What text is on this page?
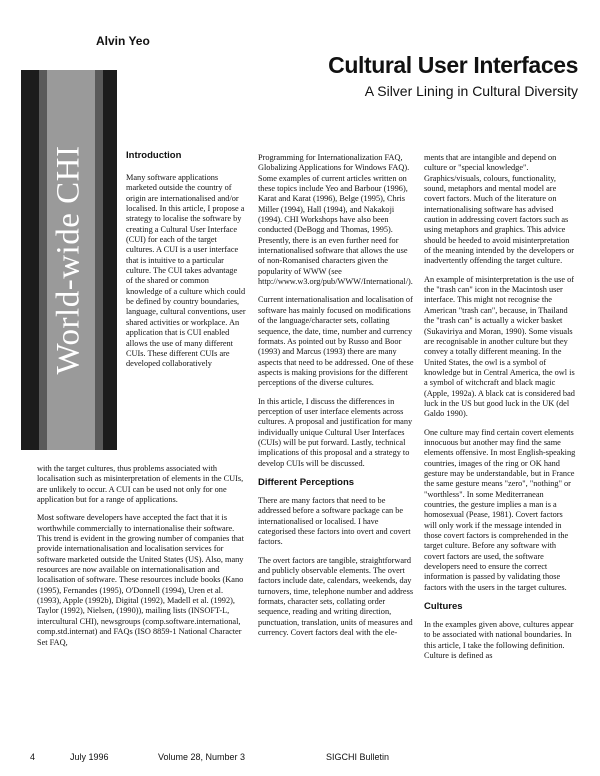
Alvin Yeo
World-wide CHI
Cultural User Interfaces
A Silver Lining in Cultural Diversity
Introduction

Many software applications marketed outside the country of origin are internationalised and/or localised. In this article, I propose a strategy to localise the software by creating a Cultural User Interface (CUI) for each of the target cultures. A CUI is a user interface that is intuitive to a particular culture. The CUI takes advantage of the shared or common knowledge of a culture which could be defined by country boundaries, language, cultural conventions, user shared activities or workplace. An application that is CUI enabled allows the use of many different CUIs. These different CUIs are developed collaboratively

with the target cultures, thus problems associated with localisation such as misinterpretation of elements in the CUIs, are unlikely to occur. A CUI can be used not only for one application but for a range of applications.

Most software developers have accepted the fact that it is worthwhile commercially to internationalise their software. This trend is evident in the growing number of companies that provide internationalisation and localisation services for software marketed outside the United States (US). Also, many resources are now available on internationalisation and localisation of software. These resources include books (Kano (1995), Fernandes (1995), O'Donnell (1994), Uren et al. (1993), Apple (1992b), Digital (1992), Madell et al. (1992), Taylor (1992), Nielsen, (1990)), mailing lists (INSOFT-L, intercultural CHI), newsgroups (comp.software.international, comp.std.internat) and FAQs (ISO 8859-1 National Character Set FAQ,

Programming for Internationalization FAQ, Globalizing Applications for Windows FAQ). Some examples of current articles written on these topics include Yeo and Barbour (1996), Karat and Karat (1996), Belge (1995), Chris Miller (1994), Hall (1994), and Nakakoji (1994). CHI Workshops have also been conducted (DeBogg and Thomas, 1995). Presently, there is an even further need for internationalised software that allows the use of non-Romanised characters given the popularity of WWW (see http://www.w3.org/pub/WWW/International/).

Current internationalisation and localisation of software has mainly focused on modifications of the language/character sets, collating sequence, the date, time, number and currency formats. As pointed out by Russo and Boor (1993) and Marcus (1993) there are many aspects that need to be addressed. One of these aspects is making provisions for the different perceptions of the diverse cultures.

In this article, I discuss the differences in perception of user interface elements across cultures. A proposal and justification for many individually unique Cultural User Interfaces (CUIs) will be put forward. Lastly, technical implications of this proposal and a strategy to develop CUIs will be discussed.

Different Perceptions

There are many factors that need to be addressed before a software package can be internationalised or localised. I have categorised these factors into overt and covert factors.

The overt factors are tangible, straightforward and publicly observable elements. The overt factors include date, calendars, weekends, day turnovers, time, telephone number and address formats, character sets, collating order sequence, reading and writing direction, punctuation, translation, units of measures and currency. Covert factors deal with the ele-

ments that are intangible and depend on culture or "special knowledge". Graphics/visuals, colours, functionality, sound, metaphors and mental model are covert factors. Much of the literature on internationalising software has advised caution in addressing covert factors such as using metaphors and graphics. This advice should be heeded to avoid misinterpretation of the meaning intended by the developers or inadvertently offending the target culture.

An example of misinterpretation is the use of the "trash can" icon in the Macintosh user interface. This might not recognise the American "trash can", because, in Thailand the "trash can" is actually a wicker basket (Sukaviriya and Moran, 1990). Some visuals are recognisable in another culture but they convey a totally different meaning. In the United States, the owl is a symbol of knowledge but in Central America, the owl is a symbol of witchcraft and black magic (Apple, 1992a). A black cat is considered bad luck in the US but good luck in the UK (del Galdo 1990).

One culture may find certain covert elements innocuous but another may find the same elements offensive. In most English-speaking countries, images of the ring or OK hand gesture may be understandable, but in France the same gesture means "zero", "nothing" or "worthless". In some Mediterranean countries, the gesture implies a man is a homosexual (Pease, 1981). Covert factors will only work if the message intended in those covert factors is comprehended in the target culture. Before any software with covert factors are used, the software developers need to ensure the correct information is passed by validating those factors with the users in the target cultures.

Cultures

In the examples given above, cultures appear to be associated with national boundaries. In this article, I take the following definition. Culture is defined as

4	July 1996	Volume 28, Number 3	SIGCHI Bulletin
